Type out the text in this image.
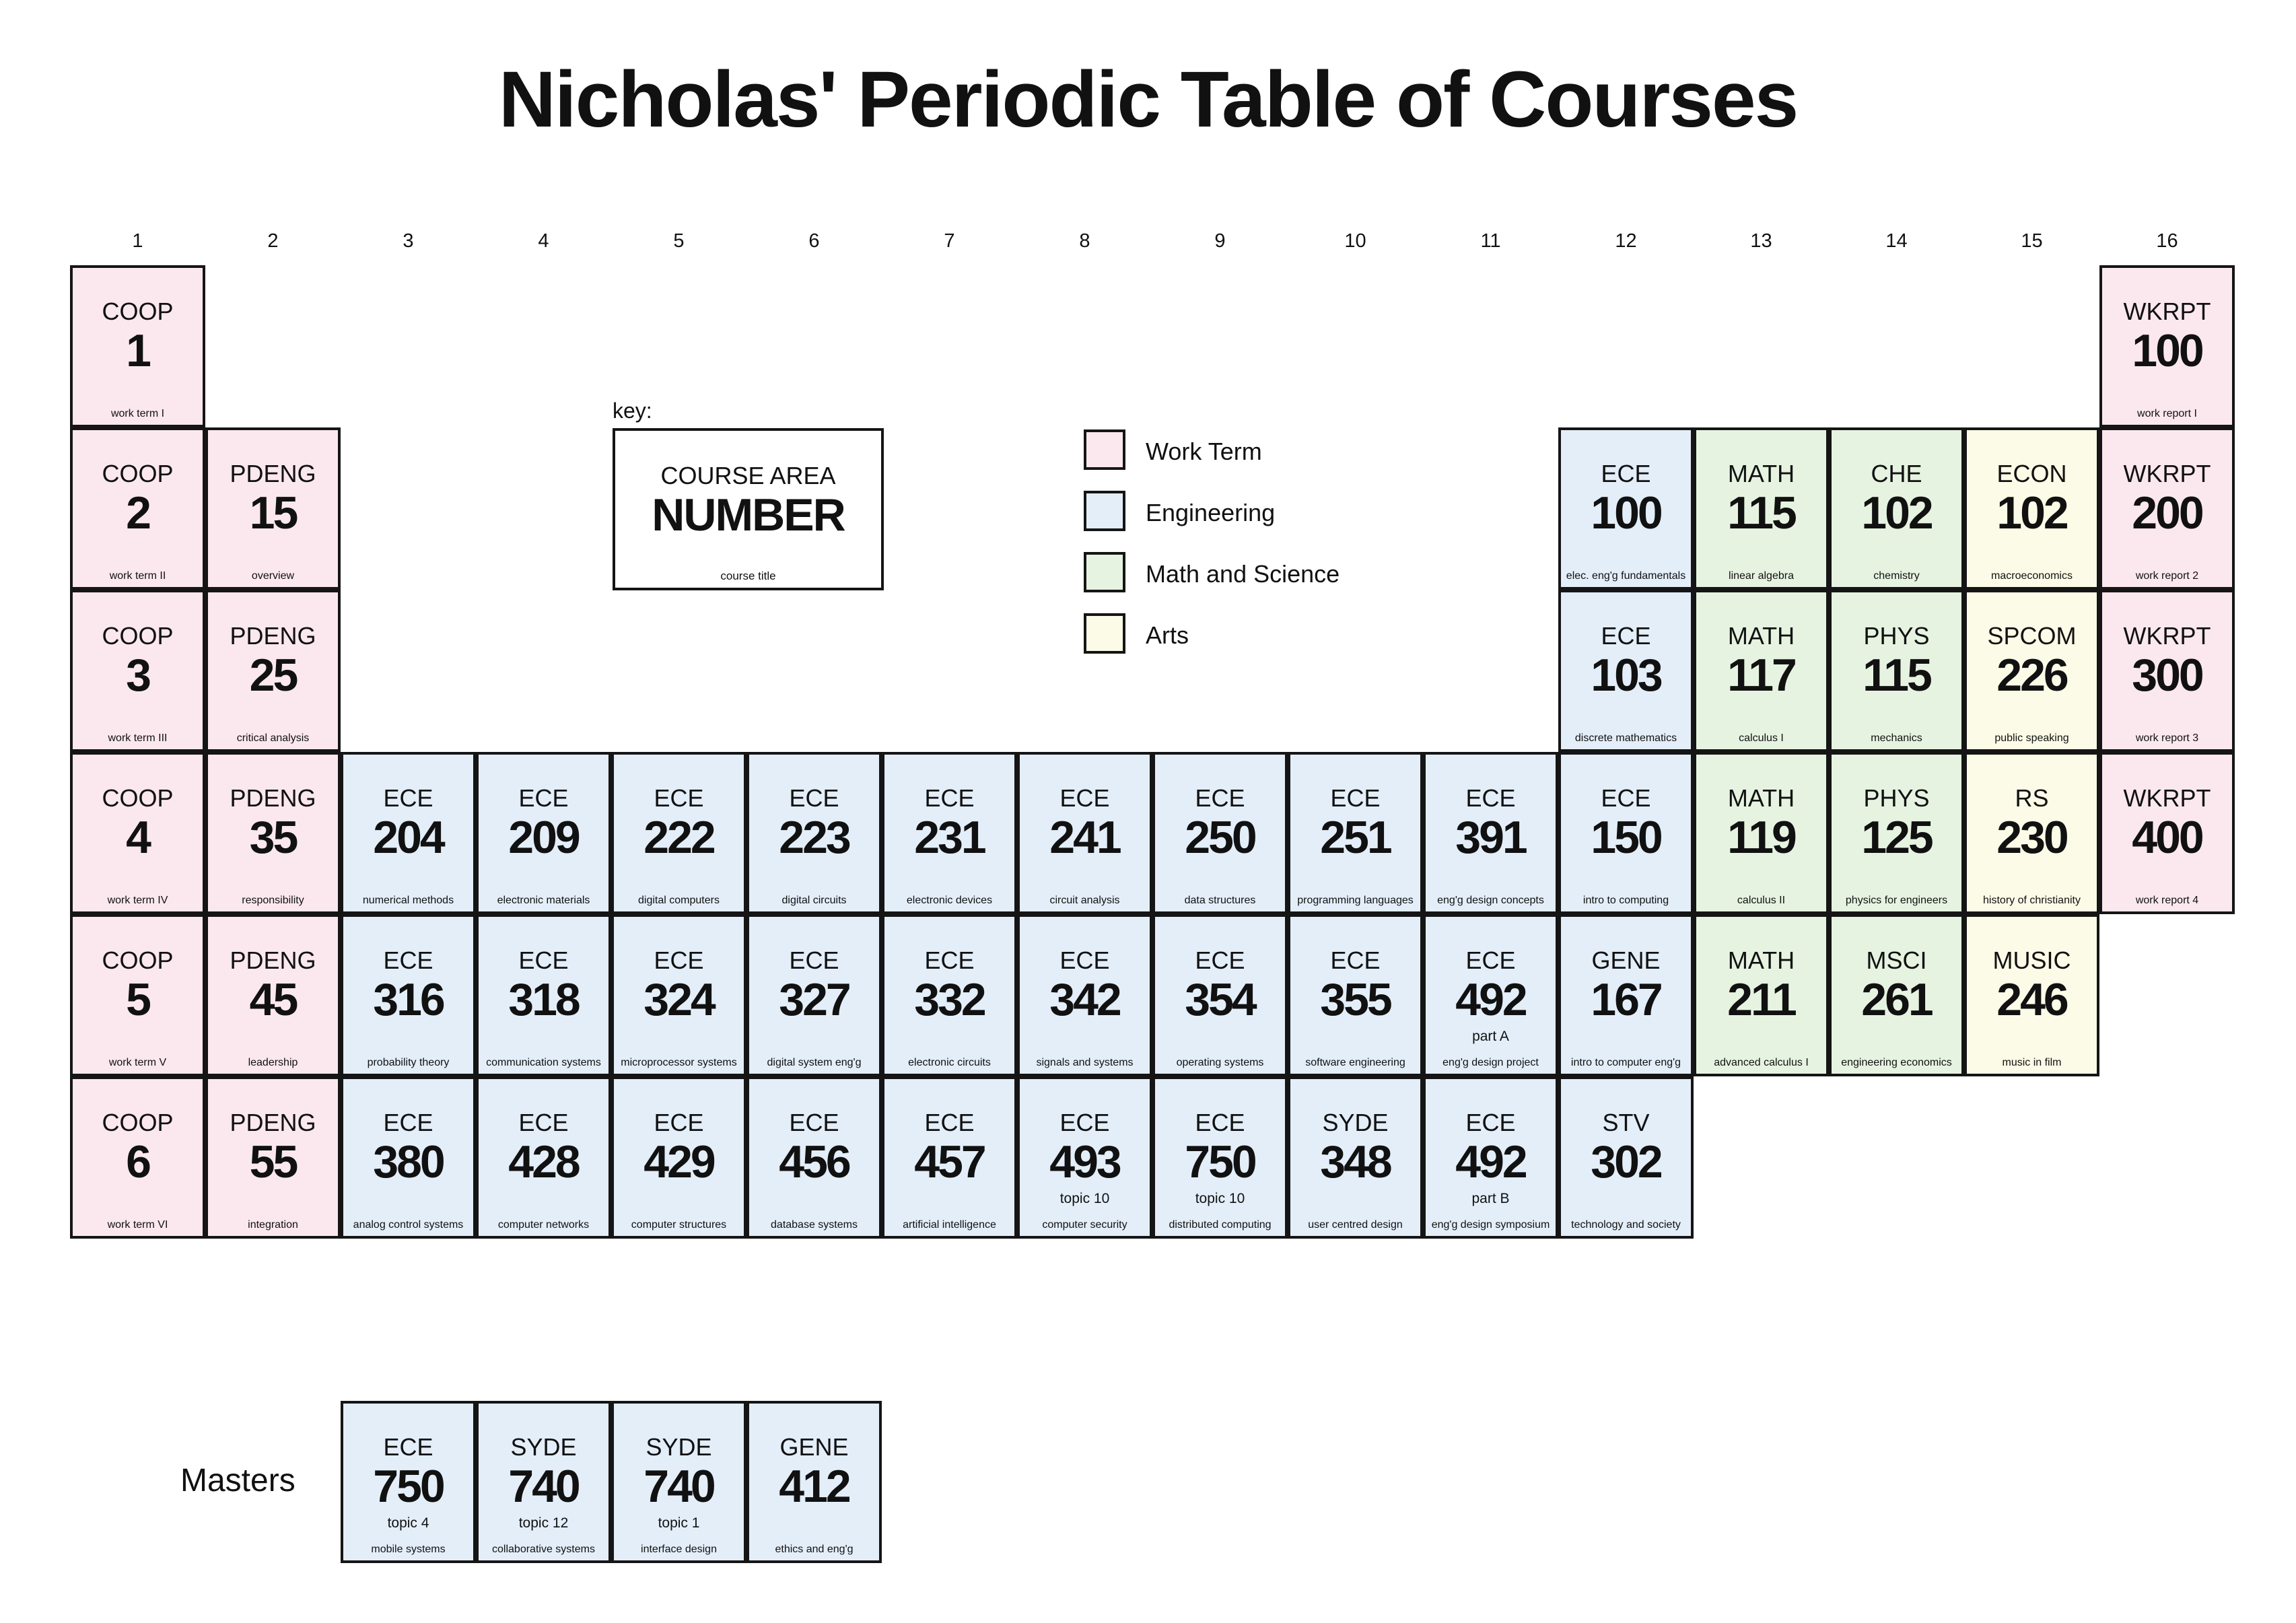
Nicholas' Periodic Table of Courses
1	2	3	4	5	6	7	8	9	10	11	12	13	14	15	16
COOP
1
work term I
WKRPT
100
work report I
COOP
2
work term II
PDENG
15
overview
ECE
100
elec. eng'g fundamentals
MATH
115
linear algebra
CHE
102
chemistry
ECON
102
macroeconomics
WKRPT
200
work report 2
COOP
3
work term III
PDENG
25
critical analysis
ECE
103
discrete mathematics
MATH
117
calculus I
PHYS
115
mechanics
SPCOM
226
public speaking
WKRPT
300
work report 3
COOP
4
work term IV
PDENG
35
responsibility
ECE
204
numerical methods
ECE
209
electronic materials
ECE
222
digital computers
ECE
223
digital circuits
ECE
231
electronic devices
ECE
241
circuit analysis
ECE
250
data structures
ECE
251
programming languages
ECE
391
eng'g design concepts
ECE
150
intro to computing
MATH
119
calculus II
PHYS
125
physics for engineers
RS
230
history of christianity
WKRPT
400
work report 4
COOP
5
work term V
PDENG
45
leadership
ECE
316
probability theory
ECE
318
communication systems
ECE
324
microprocessor systems
ECE
327
digital system eng'g
ECE
332
electronic circuits
ECE
342
signals and systems
ECE
354
operating systems
ECE
355
software engineering
ECE
492
part A
eng'g design project
GENE
167
intro to computer eng'g
MATH
211
advanced calculus I
MSCI
261
engineering economics
MUSIC
246
music in film
COOP
6
work term VI
PDENG
55
integration
ECE
380
analog control systems
ECE
428
computer networks
ECE
429
computer structures
ECE
456
database systems
ECE
457
artificial intelligence
ECE
493
topic 10
computer security
ECE
750
topic 10
distributed computing
SYDE
348
user centred design
ECE
492
part B
eng'g design symposium
STV
302
technology and society
key:
COURSE AREA
NUMBER
course title
Work Term
Engineering
Math and Science
Arts
Masters
ECE
750
topic 4
mobile systems
SYDE
740
topic 12
collaborative systems
SYDE
740
topic 1
interface design
GENE
412
ethics and eng'g
